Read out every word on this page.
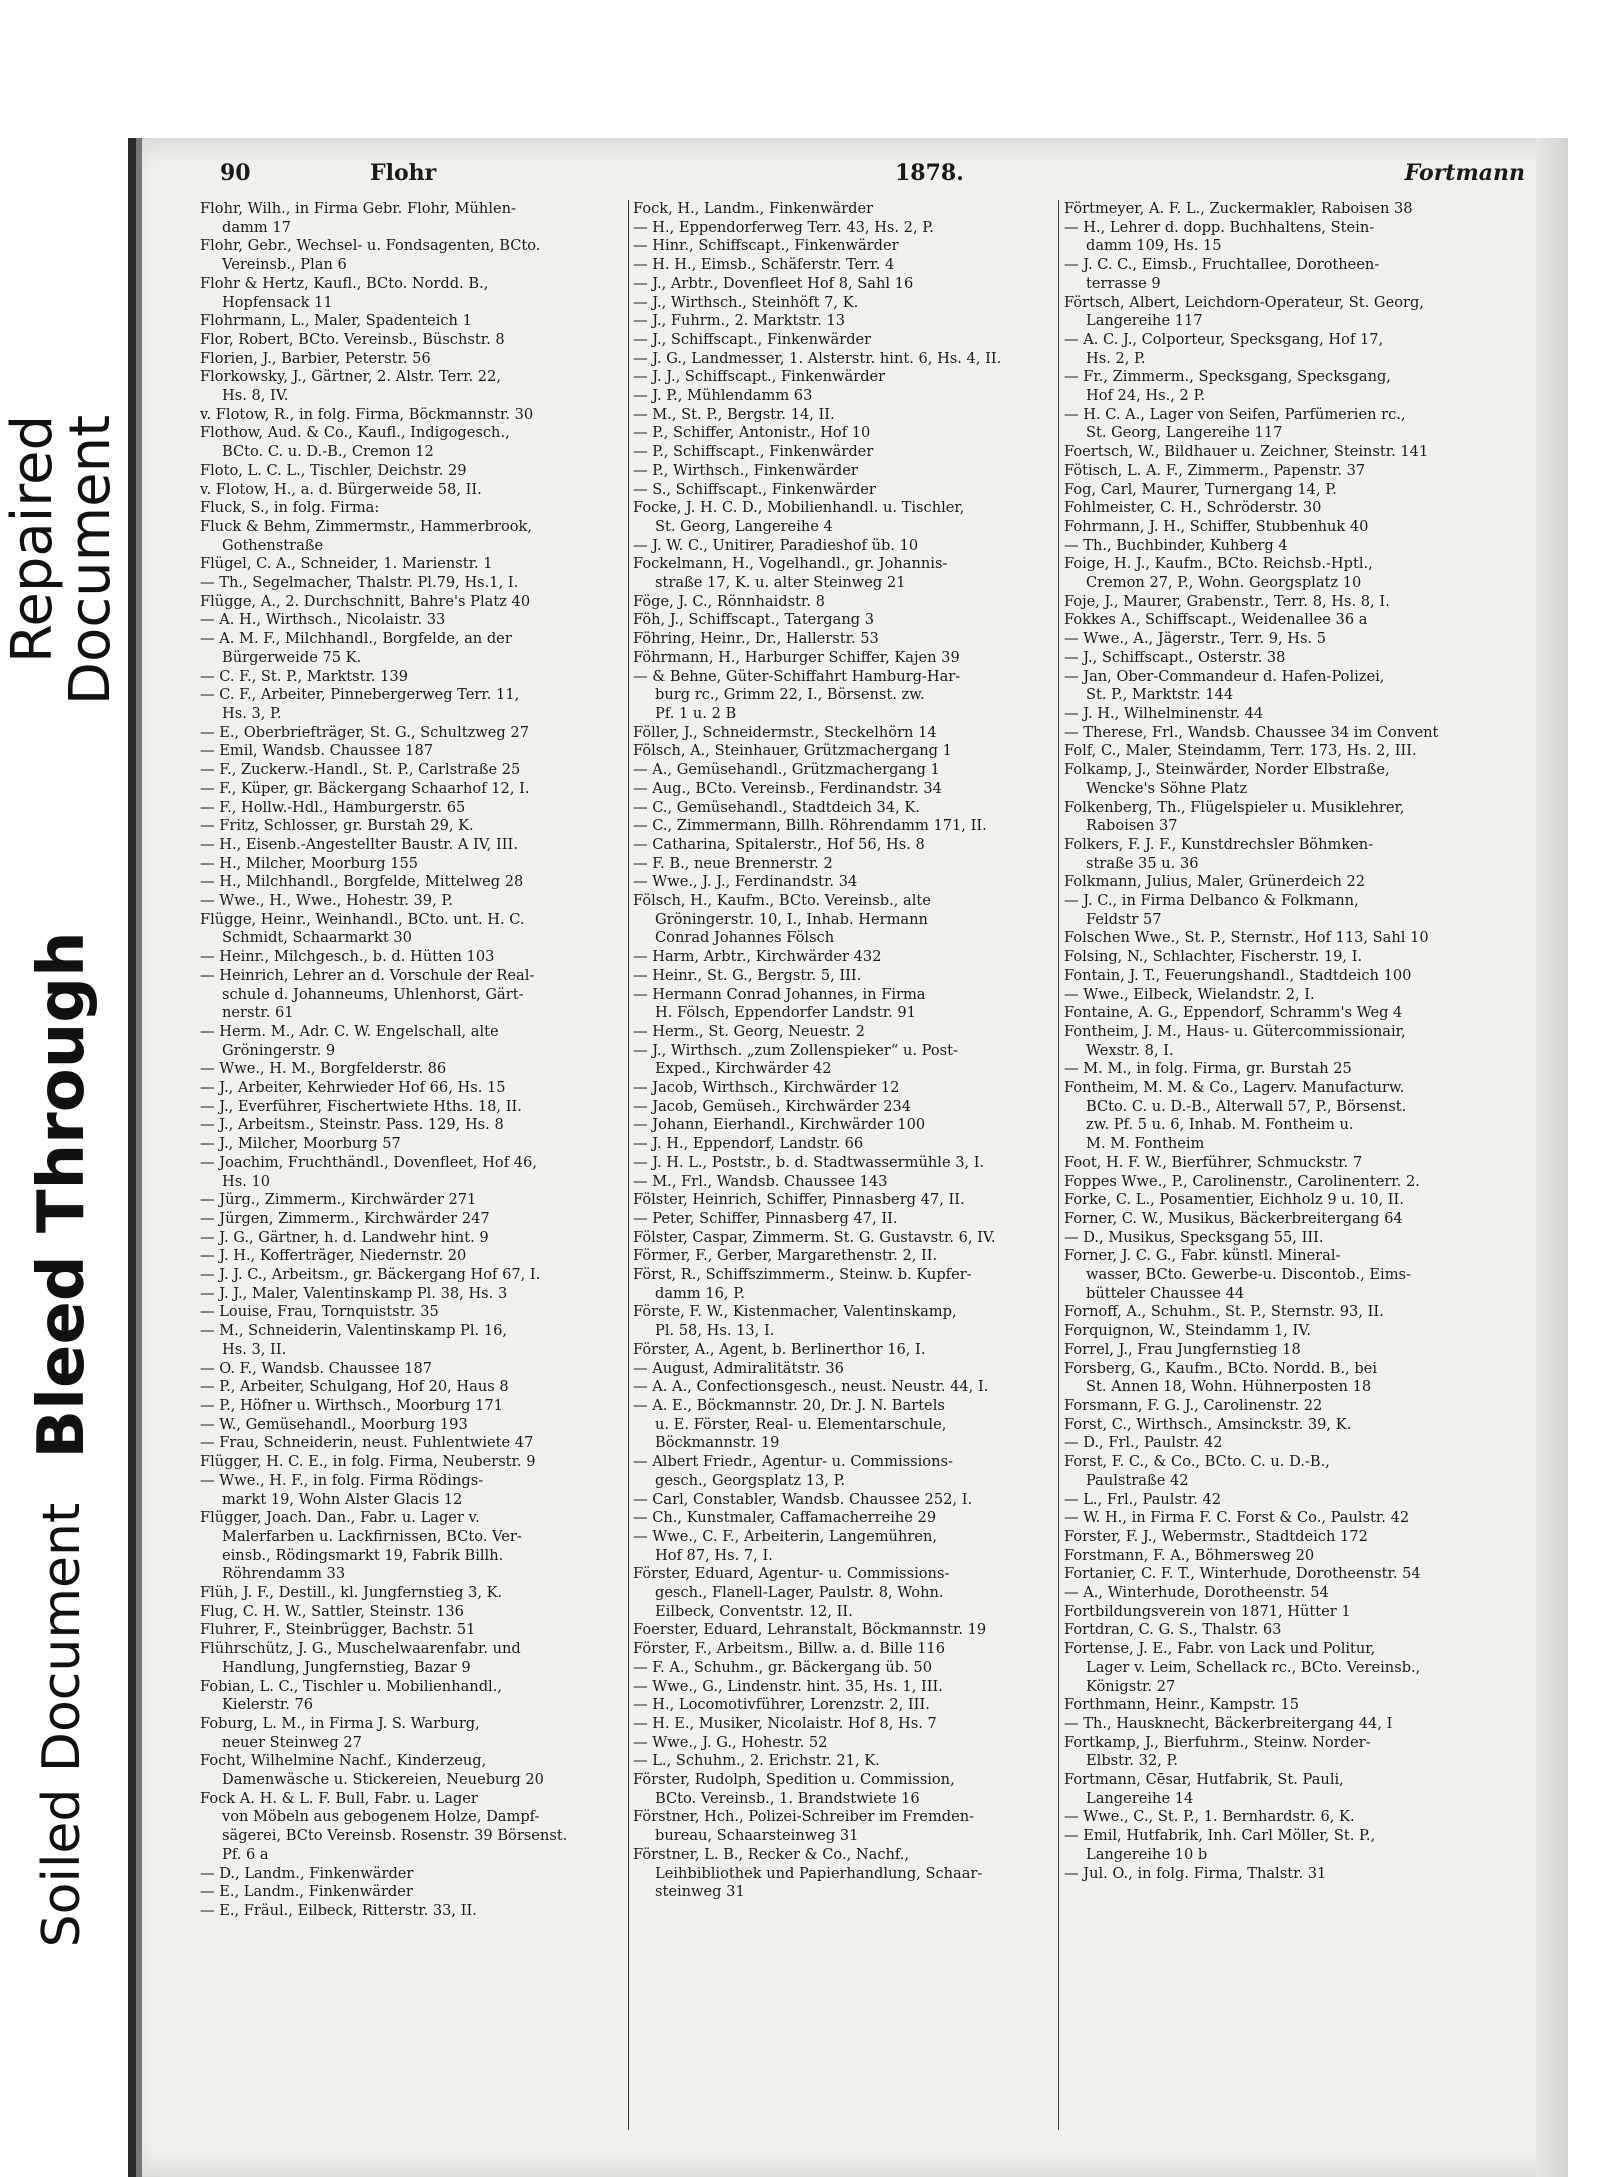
Repaired
Document
Bleed Through
Soiled Document
90	Flohr	1878.	Fortmann
Flohr, Wilh., in Firma Gebr. Flohr, Mühlen-
damm 17
Flohr, Gebr., Wechsel- u. Fondsagenten, BCto.
Vereinsb., Plan 6
Flohr & Hertz, Kaufl., BCto. Nordd. B.,
Hopfensack 11
Flohrmann, L., Maler, Spadenteich 1
Flor, Robert, BCto. Vereinsb., Büschstr. 8
Florien, J., Barbier, Peterstr. 56
Florkowsky, J., Gärtner, 2. Alstr. Terr. 22,
Hs. 8, IV.
v. Flotow, R., in folg. Firma, Böckmannstr. 30
Flothow, Aud. & Co., Kaufl., Indigogesch.,
BCto. C. u. D.-B., Cremon 12
Floto, L. C. L., Tischler, Deichstr. 29
v. Flotow, H., a. d. Bürgerweide 58, II.
Fluck, S., in folg. Firma:
Fluck & Behm, Zimmermstr., Hammerbrook,
Gothenstraße
Flügel, C. A., Schneider, 1. Marienstr. 1
— Th., Segelmacher, Thalstr. Pl.79, Hs.1, I.
Flügge, A., 2. Durchschnitt, Bahre's Platz 40
— A. H., Wirthsch., Nicolaistr. 33
— A. M. F., Milchhandl., Borgfelde, an der
Bürgerweide 75 K.
— C. F., St. P., Marktstr. 139
— C. F., Arbeiter, Pinnebergerweg Terr. 11,
Hs. 3, P.
— E., Oberbriefträger, St. G., Schultzweg 27
— Emil, Wandsb. Chaussee 187
— F., Zuckerw.-Handl., St. P., Carlstraße 25
— F., Küper, gr. Bäckergang Schaarhof 12, I.
— F., Hollw.-Hdl., Hamburgerstr. 65
— Fritz, Schlosser, gr. Burstah 29, K.
— H., Eisenb.-Angestellter Baustr. A IV, III.
— H., Milcher, Moorburg 155
— H., Milchhandl., Borgfelde, Mittelweg 28
— Wwe., H., Wwe., Hohestr. 39, P.
Flügge, Heinr., Weinhandl., BCto. unt. H. C.
Schmidt, Schaarmarkt 30
— Heinr., Milchgesch., b. d. Hütten 103
— Heinrich, Lehrer an d. Vorschule der Real-
schule d. Johanneums, Uhlenhorst, Gärt-
nerstr. 61
— Herm. M., Adr. C. W. Engelschall, alte
Gröningerstr. 9
— Wwe., H. M., Borgfelderstr. 86
— J., Arbeiter, Kehrwieder Hof 66, Hs. 15
— J., Everführer, Fischertwiete Hths. 18, II.
— J., Arbeitsm., Steinstr. Pass. 129, Hs. 8
— J., Milcher, Moorburg 57
— Joachim, Fruchthändl., Dovenfleet, Hof 46,
Hs. 10
— Jürg., Zimmerm., Kirchwärder 271
— Jürgen, Zimmerm., Kirchwärder 247
— J. G., Gärtner, h. d. Landwehr hint. 9
— J. H., Kofferträger, Niedernstr. 20
— J. J. C., Arbeitsm., gr. Bäckergang Hof 67, I.
— J. J., Maler, Valentinskamp Pl. 38, Hs. 3
— Louise, Frau, Tornquiststr. 35
— M., Schneiderin, Valentinskamp Pl. 16,
Hs. 3, II.
— O. F., Wandsb. Chaussee 187
— P., Arbeiter, Schulgang, Hof 20, Haus 8
— P., Höfner u. Wirthsch., Moorburg 171
— W., Gemüsehandl., Moorburg 193
— Frau, Schneiderin, neust. Fuhlentwiete 47
Flügger, H. C. E., in folg. Firma, Neuberstr. 9
— Wwe., H. F., in folg. Firma Rödings-
markt 19, Wohn Alster Glacis 12
Flügger, Joach. Dan., Fabr. u. Lager v.
Malerfarben u. Lackfirnissen, BCto. Ver-
einsb., Rödingsmarkt 19, Fabrik Billh.
Röhrendamm 33
Flüh, J. F., Destill., kl. Jungfernstieg 3, K.
Flug, C. H. W., Sattler, Steinstr. 136
Fluhrer, F., Steinbrügger, Bachstr. 51
Flührschütz, J. G., Muschelwaarenfabr. und
Handlung, Jungfernstieg, Bazar 9
Fobian, L. C., Tischler u. Mobilienhandl.,
Kielerstr. 76
Foburg, L. M., in Firma J. S. Warburg,
neuer Steinweg 27
Focht, Wilhelmine Nachf., Kinderzeug,
Damenwäsche u. Stickereien, Neueburg 20
Fock A. H. & L. F. Bull, Fabr. u. Lager
von Möbeln aus gebogenem Holze, Dampf-
sägerei, BCto Vereinsb. Rosenstr. 39 Börsenst.
Pf. 6 a
— D., Landm., Finkenwärder
— E., Landm., Finkenwärder
— E., Fräul., Eilbeck, Ritterstr. 33, II.
Fock, H., Landm., Finkenwärder
— H., Eppendorferweg Terr. 43, Hs. 2, P.
— Hinr., Schiffscapt., Finkenwärder
— H. H., Eimsb., Schäferstr. Terr. 4
— J., Arbtr., Dovenfleet Hof 8, Sahl 16
— J., Wirthsch., Steinhöft 7, K.
— J., Fuhrm., 2. Marktstr. 13
— J., Schiffscapt., Finkenwärder
— J. G., Landmesser, 1. Alsterstr. hint. 6, Hs. 4, II.
— J. J., Schiffscapt., Finkenwärder
— J. P., Mühlendamm 63
— M., St. P., Bergstr. 14, II.
— P., Schiffer, Antonistr., Hof 10
— P., Schiffscapt., Finkenwärder
— P., Wirthsch., Finkenwärder
— S., Schiffscapt., Finkenwärder
Focke, J. H. C. D., Mobilienhandl. u. Tischler,
St. Georg, Langereihe 4
— J. W. C., Unitirer, Paradieshof üb. 10
Fockelmann, H., Vogelhandl., gr. Johannis-
straße 17, K. u. alter Steinweg 21
Föge, J. C., Rönnhaidstr. 8
Föh, J., Schiffscapt., Tatergang 3
Föhring, Heinr., Dr., Hallerstr. 53
Föhrmann, H., Harburger Schiffer, Kajen 39
— & Behne, Güter-Schiffahrt Hamburg-Har-
burg rc., Grimm 22, I., Börsenst. zw.
Pf. 1 u. 2 B
Föller, J., Schneidermstr., Steckelhörn 14
Fölsch, A., Steinhauer, Grützmachergang 1
— A., Gemüsehandl., Grützmachergang 1
— Aug., BCto. Vereinsb., Ferdinandstr. 34
— C., Gemüsehandl., Stadtdeich 34, K.
— C., Zimmermann, Billh. Röhrendamm 171, II.
— Catharina, Spitalerstr., Hof 56, Hs. 8
— F. B., neue Brennerstr. 2
— Wwe., J. J., Ferdinandstr. 34
Fölsch, H., Kaufm., BCto. Vereinsb., alte
Gröningerstr. 10, I., Inhab. Hermann
Conrad Johannes Fölsch
— Harm, Arbtr., Kirchwärder 432
— Heinr., St. G., Bergstr. 5, III.
— Hermann Conrad Johannes, in Firma
H. Fölsch, Eppendorfer Landstr. 91
— Herm., St. Georg, Neuestr. 2
— J., Wirthsch. „zum Zollenspieker“ u. Post-
Exped., Kirchwärder 42
— Jacob, Wirthsch., Kirchwärder 12
— Jacob, Gemüseh., Kirchwärder 234
— Johann, Eierhandl., Kirchwärder 100
— J. H., Eppendorf, Landstr. 66
— J. H. L., Poststr., b. d. Stadtwassermühle 3, I.
— M., Frl., Wandsb. Chaussee 143
Fölster, Heinrich, Schiffer, Pinnasberg 47, II.
— Peter, Schiffer, Pinnasberg 47, II.
Fölster, Caspar, Zimmerm. St. G. Gustavstr. 6, IV.
Förmer, F., Gerber, Margarethenstr. 2, II.
Först, R., Schiffszimmerm., Steinw. b. Kupfer-
damm 16, P.
Förste, F. W., Kistenmacher, Valentinskamp,
Pl. 58, Hs. 13, I.
Förster, A., Agent, b. Berlinerthor 16, I.
— August, Admiralitätstr. 36
— A. A., Confectionsgesch., neust. Neustr. 44, I.
— A. E., Böckmannstr. 20, Dr. J. N. Bartels
u. E. Förster, Real- u. Elementarschule,
Böckmannstr. 19
— Albert Friedr., Agentur- u. Commissions-
gesch., Georgsplatz 13, P.
— Carl, Constabler, Wandsb. Chaussee 252, I.
— Ch., Kunstmaler, Caffamacherreihe 29
— Wwe., C. F., Arbeiterin, Langemühren,
Hof 87, Hs. 7, I.
Förster, Eduard, Agentur- u. Commissions-
gesch., Flanell-Lager, Paulstr. 8, Wohn.
Eilbeck, Conventstr. 12, II.
Foerster, Eduard, Lehranstalt, Böckmannstr. 19
Förster, F., Arbeitsm., Billw. a. d. Bille 116
— F. A., Schuhm., gr. Bäckergang üb. 50
— Wwe., G., Lindenstr. hint. 35, Hs. 1, III.
— H., Locomotivführer, Lorenzstr. 2, III.
— H. E., Musiker, Nicolaistr. Hof 8, Hs. 7
— Wwe., J. G., Hohestr. 52
— L., Schuhm., 2. Erichstr. 21, K.
Förster, Rudolph, Spedition u. Commission,
BCto. Vereinsb., 1. Brandstwiete 16
Förstner, Hch., Polizei-Schreiber im Fremden-
bureau, Schaarsteinweg 31
Förstner, L. B., Recker & Co., Nachf.,
Leihbibliothek und Papierhandlung, Schaar-
steinweg 31
Förtmeyer, A. F. L., Zuckermakler, Raboisen 38
— H., Lehrer d. dopp. Buchhaltens, Stein-
damm 109, Hs. 15
— J. C. C., Eimsb., Fruchtallee, Dorotheen-
terrasse 9
Förtsch, Albert, Leichdorn-Operateur, St. Georg,
Langereihe 117
— A. C. J., Colporteur, Specksgang, Hof 17,
Hs. 2, P.
— Fr., Zimmerm., Specksgang, Specksgang,
Hof 24, Hs., 2 P.
— H. C. A., Lager von Seifen, Parfümerien rc.,
St. Georg, Langereihe 117
Foertsch, W., Bildhauer u. Zeichner, Steinstr. 141
Fötisch, L. A. F., Zimmerm., Papenstr. 37
Fog, Carl, Maurer, Turnergang 14, P.
Fohlmeister, C. H., Schröderstr. 30
Fohrmann, J. H., Schiffer, Stubbenhuk 40
— Th., Buchbinder, Kuhberg 4
Foige, H. J., Kaufm., BCto. Reichsb.-Hptl.,
Cremon 27, P., Wohn. Georgsplatz 10
Foje, J., Maurer, Grabenstr., Terr. 8, Hs. 8, I.
Fokkes A., Schiffscapt., Weidenallee 36 a
— Wwe., A., Jägerstr., Terr. 9, Hs. 5
— J., Schiffscapt., Osterstr. 38
— Jan, Ober-Commandeur d. Hafen-Polizei,
St. P., Marktstr. 144
— J. H., Wilhelminenstr. 44
— Therese, Frl., Wandsb. Chaussee 34 im Convent
Folf, C., Maler, Steindamm, Terr. 173, Hs. 2, III.
Folkamp, J., Steinwärder, Norder Elbstraße,
Wencke's Söhne Platz
Folkenberg, Th., Flügelspieler u. Musiklehrer,
Raboisen 37
Folkers, F. J. F., Kunstdrechsler Böhmken-
straße 35 u. 36
Folkmann, Julius, Maler, Grünerdeich 22
— J. C., in Firma Delbanco & Folkmann,
Feldstr 57
Folschen Wwe., St. P., Sternstr., Hof 113, Sahl 10
Folsing, N., Schlachter, Fischerstr. 19, I.
Fontain, J. T., Feuerungshandl., Stadtdeich 100
— Wwe., Eilbeck, Wielandstr. 2, I.
Fontaine, A. G., Eppendorf, Schramm's Weg 4
Fontheim, J. M., Haus- u. Gütercommissionair,
Wexstr. 8, I.
— M. M., in folg. Firma, gr. Burstah 25
Fontheim, M. M. & Co., Lagerv. Manufacturw.
BCto. C. u. D.-B., Alterwall 57, P., Börsenst.
zw. Pf. 5 u. 6, Inhab. M. Fontheim u.
M. M. Fontheim
Foot, H. F. W., Bierführer, Schmuckstr. 7
Foppes Wwe., P., Carolinenstr., Carolinenterr. 2.
Forke, C. L., Posamentier, Eichholz 9 u. 10, II.
Forner, C. W., Musikus, Bäckerbreitergang 64
— D., Musikus, Specksgang 55, III.
Forner, J. C. G., Fabr. künstl. Mineral-
wasser, BCto. Gewerbe-u. Discontob., Eims-
bütteler Chaussee 44
Fornoff, A., Schuhm., St. P., Sternstr. 93, II.
Forquignon, W., Steindamm 1, IV.
Forrel, J., Frau Jungfernstieg 18
Forsberg, G., Kaufm., BCto. Nordd. B., bei
St. Annen 18, Wohn. Hühnerposten 18
Forsmann, F. G. J., Carolinenstr. 22
Forst, C., Wirthsch., Amsinckstr. 39, K.
— D., Frl., Paulstr. 42
Forst, F. C., & Co., BCto. C. u. D.-B.,
Paulstraße 42
— L., Frl., Paulstr. 42
— W. H., in Firma F. C. Forst & Co., Paulstr. 42
Forster, F. J., Webermstr., Stadtdeich 172
Forstmann, F. A., Böhmersweg 20
Fortanier, C. F. T., Winterhude, Dorotheenstr. 54
— A., Winterhude, Dorotheenstr. 54
Fortbildungsverein von 1871, Hütter 1
Fortdran, C. G. S., Thalstr. 63
Fortense, J. E., Fabr. von Lack und Politur,
Lager v. Leim, Schellack rc., BCto. Vereinsb.,
Königstr. 27
Forthmann, Heinr., Kampstr. 15
— Th., Hausknecht, Bäckerbreitergang 44, I
Fortkamp, J., Bierfuhrm., Steinw. Norder-
Elbstr. 32, P.
Fortmann, Cēsar, Hutfabrik, St. Pauli,
Langereihe 14
— Wwe., C., St. P., 1. Bernhardstr. 6, K.
— Emil, Hutfabrik, Inh. Carl Möller, St. P.,
Langereihe 10 b
— Jul. O., in folg. Firma, Thalstr. 31
